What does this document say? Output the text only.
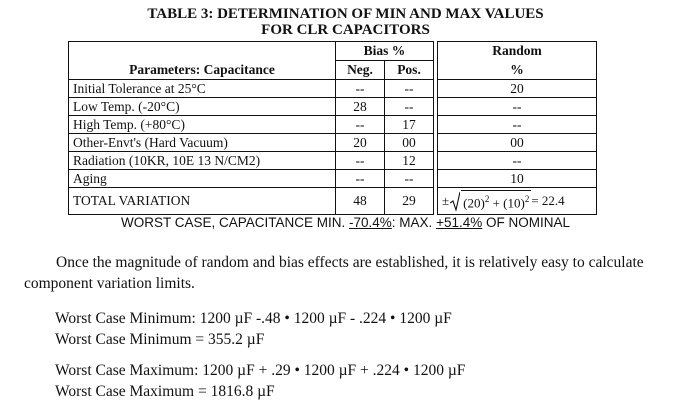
TABLE 3: DETERMINATION OF MIN AND MAX VALUES
FOR CLR CAPACITORS
	Bias %			Random
Parameters: Capacitance	Neg.	Pos.		%
Initial Tolerance at 25°C	--	--		20
Low Temp. (-20°C)	28	--		--
High Temp. (+80°C)	--	17		--
Other-Envt's (Hard Vacuum)	20	00		00
Radiation (10KR, 10E 13 N/CM2)	--	12		--
Aging	--	--		10
TOTAL VARIATION	48	29		± $(20)^2 + (10)^2 = 22.4$
WORST CASE, CAPACITANCE MIN. -70.4%: MAX. +51.4% OF NOMINAL
Once the magnitude of random and bias effects are established, it is relatively easy to calculate component variation limits.
Worst Case Minimum: 1200 µF -.48 • 1200 µF - .224 • 1200 µF
Worst Case Minimum = 355.2 µF
Worst Case Maximum: 1200 µF + .29 • 1200 µF + .224 • 1200 µF
Worst Case Maximum = 1816.8 µF
